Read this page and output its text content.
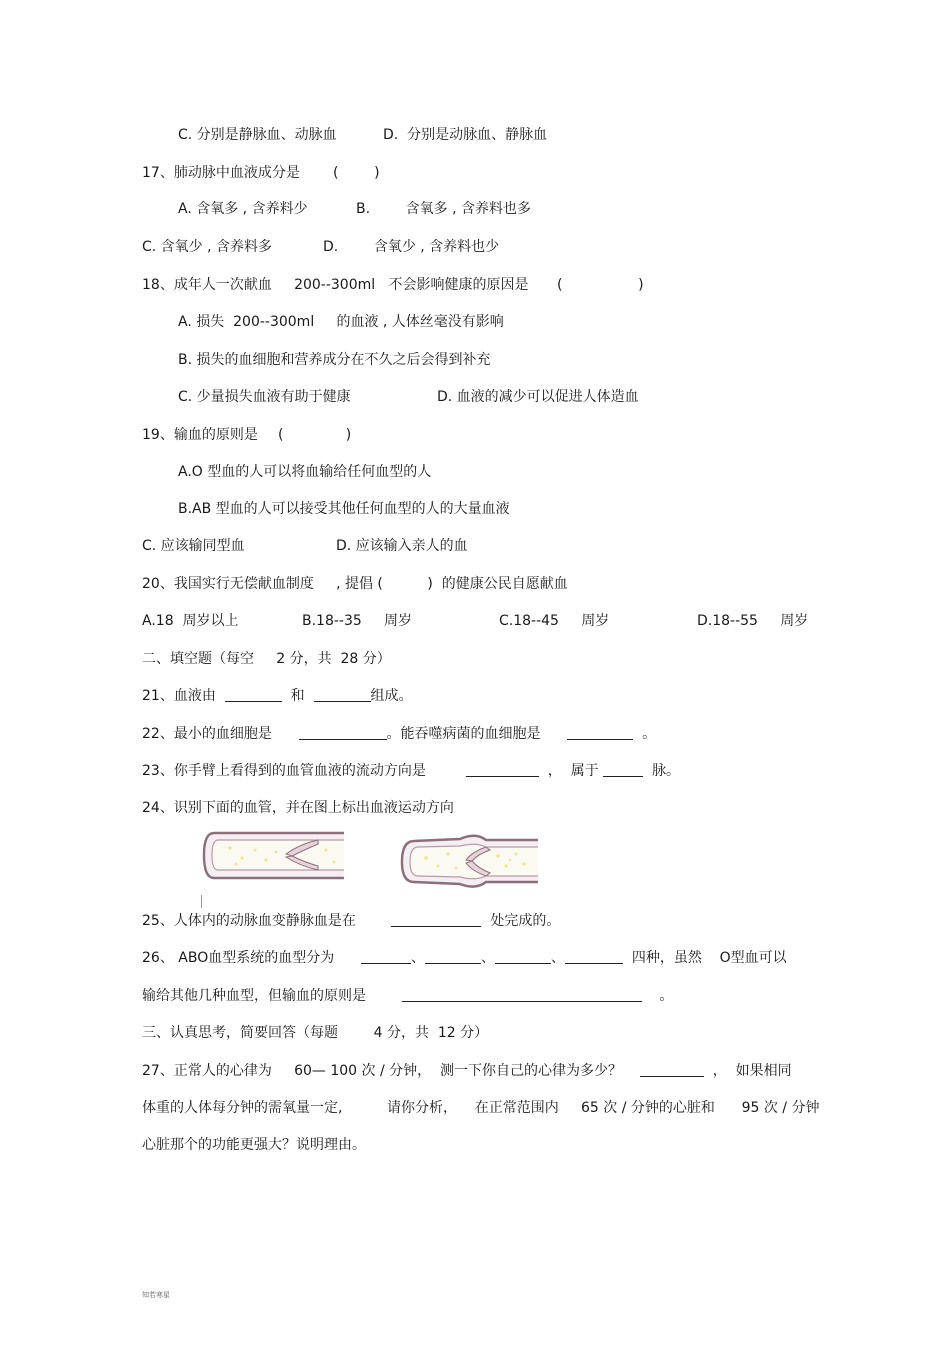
C. 分别是静脉血、动脉血	D.  分别是动脉血、静脉血
17、肺动脉中血液成分是 (        )
A. 含氧多 , 含养料少	B.        含氧多 , 含养料也多
C. 含氧少 , 含养料多	D.        含氧少 , 含养料也少
18、成年人一次献血     200--300ml   不会影响健康的原因是 (                 )
A. 损失  200--300ml     的血液 , 人体丝毫没有影响
B. 损失的血细胞和营养成分在不久之后会得到补充
C. 少量损失血液有助于健康	D. 血液的减少可以促进人体造血
19、输血的原则是 (              )
A.O 型血的人可以将血输给任何血型的人
B.AB 型血的人可以接受其他任何血型的人的大量血液
C. 应该输同型血	D. 应该输入亲人的血
20、我国实行无偿献血制度     , 提倡 (          )  的健康公民自愿献血
A.18  周岁以上	B.18--35     周岁	C.18--45     周岁	D.18--55     周岁
二、填空题（每空     2 分，共  28 分）
21、血液由	和	组成。
22、最小的血细胞是	。能吞噬病菌的血细胞是	。
23、你手臂上看得到的血管血液的流动方向是	，  属于	脉。
24、识别下面的血管，并在图上标出血液运动方向
25、人体内的动脉血变静脉血是在	处完成的。
26、 ABO血型系统的血型分为	、	、	、	四种，虽然    O型血可以
输给其他几种血型，但输血的原则是	。
三、认真思考，简要回答（每题        4 分，共  12 分）
27、正常人的心律为     60— 100 次 / 分钟，  测一下你自己的心律为多少？	，  如果相同
体重的人体每分钟的需氧量一定,          请你分析，    在正常范围内     65 次 / 分钟的心脏和      95 次 / 分钟
心脏那个的功能更强大？说明理由。
知若寒星
